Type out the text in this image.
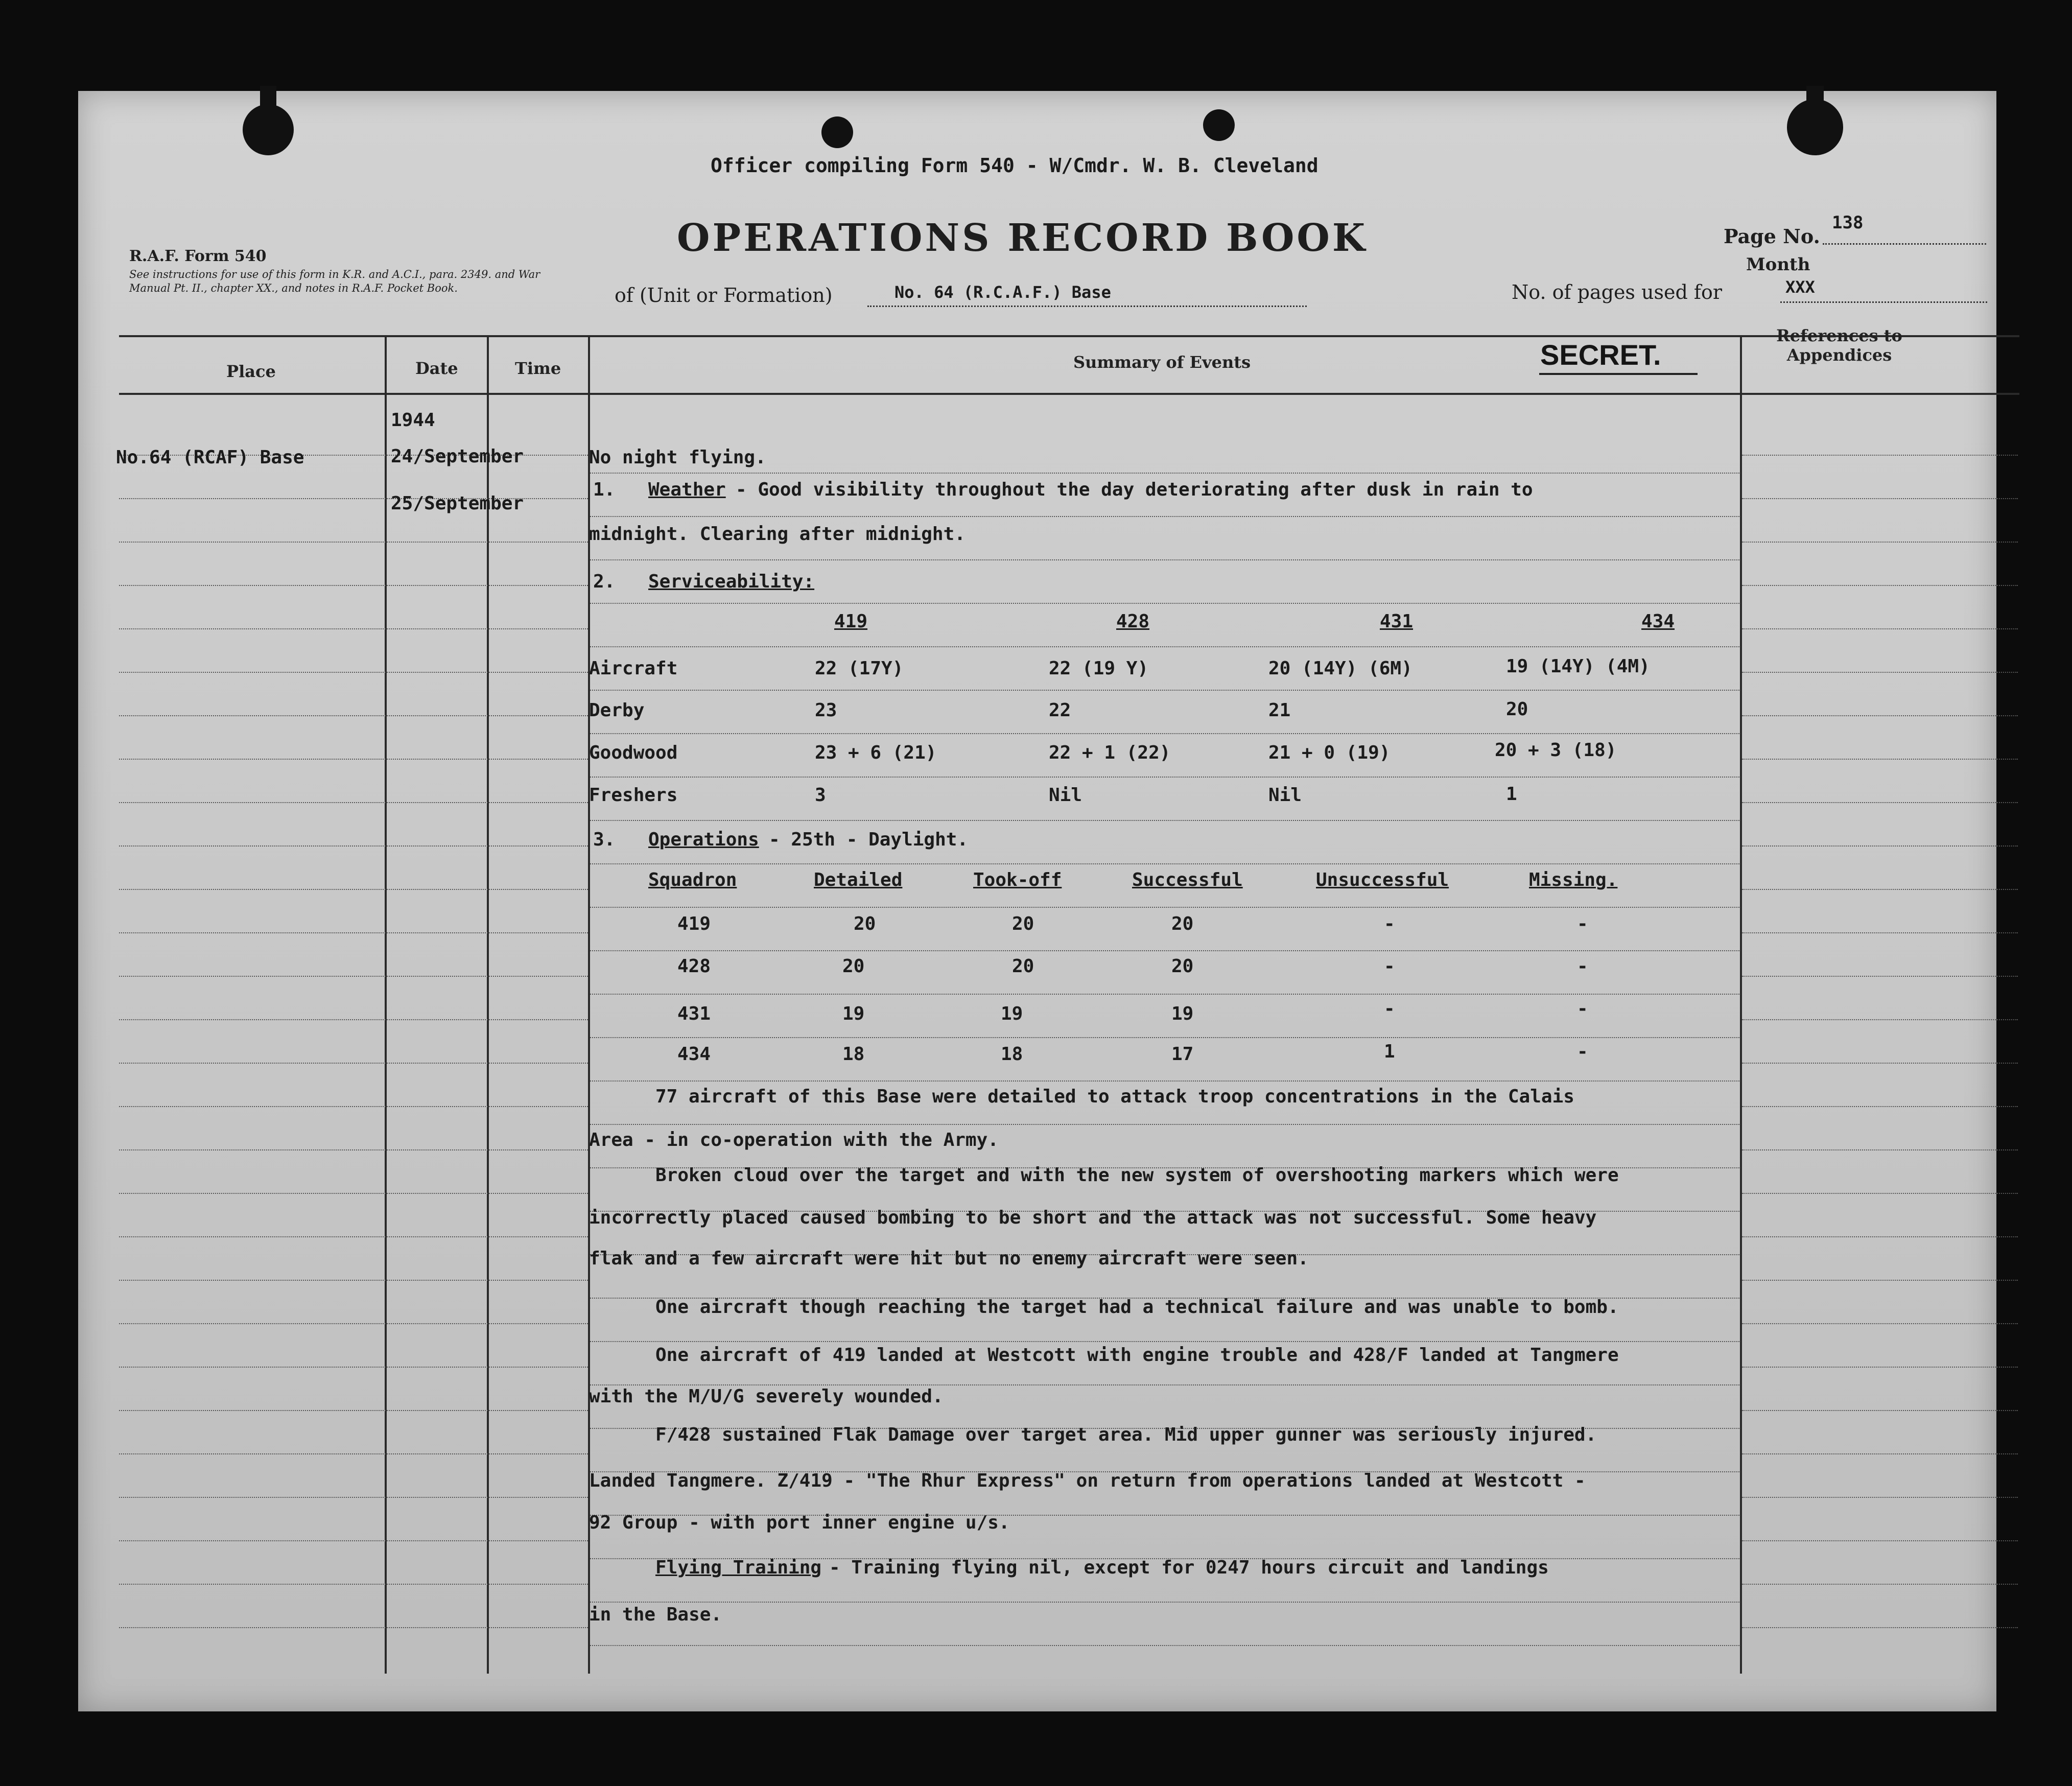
Officer compiling Form 540 - W/Cmdr. W. B. Cleveland
OPERATIONS RECORD BOOK
R.A.F. Form 540
See instructions for use of this form in K.R. and A.C.I., para. 2349. and War Manual Pt. II., chapter XX., and notes in R.A.F. Pocket Book.	of (Unit or Formation)	No. 64 (R.C.A.F.) Base
Page No.
138
Month
No. of pages used for	XXX
Place	Date	Time	Summary of Events	SECRET.
References to Appendices
No.64 (RCAF) Base
1944
24/September
25/September
No night flying.
1. Weather - Good visibility throughout the day deteriorating after dusk in rain to
midnight. Clearing after midnight.
2. Serviceability:
419	428	431	434
Aircraft	22 (17Y)	22 (19 Y)	20 (14Y) (6M)	19 (14Y) (4M)
Derby	23	22	21	20
Goodwood	23 + 6 (21)	22 + 1 (22)	21 + 0 (19)	20 + 3 (18)
Freshers	3	Nil	Nil	1
3. Operations - 25th - Daylight.
Squadron	Detailed	Took-off	Successful	Unsuccessful	Missing.
419	20	20	20	-	-
428	20	20	20	-	-
431	19	19	19	-	-
434	18	18	17	1	-
77 aircraft of this Base were detailed to attack troop concentrations in the Calais
Area - in co-operation with the Army.
Broken cloud over the target and with the new system of overshooting markers which were
incorrectly placed caused bombing to be short and the attack was not successful. Some heavy
flak and a few aircraft were hit but no enemy aircraft were seen.
One aircraft though reaching the target had a technical failure and was unable to bomb.
One aircraft of 419 landed at Westcott with engine trouble and 428/F landed at Tangmere
with the M/U/G severely wounded.
F/428 sustained Flak Damage over target area. Mid upper gunner was seriously injured.
Landed Tangmere. Z/419 - "The Rhur Express" on return from operations landed at Westcott -
92 Group - with port inner engine u/s.
Flying Training - Training flying nil, except for 0247 hours circuit and landings
in the Base.
